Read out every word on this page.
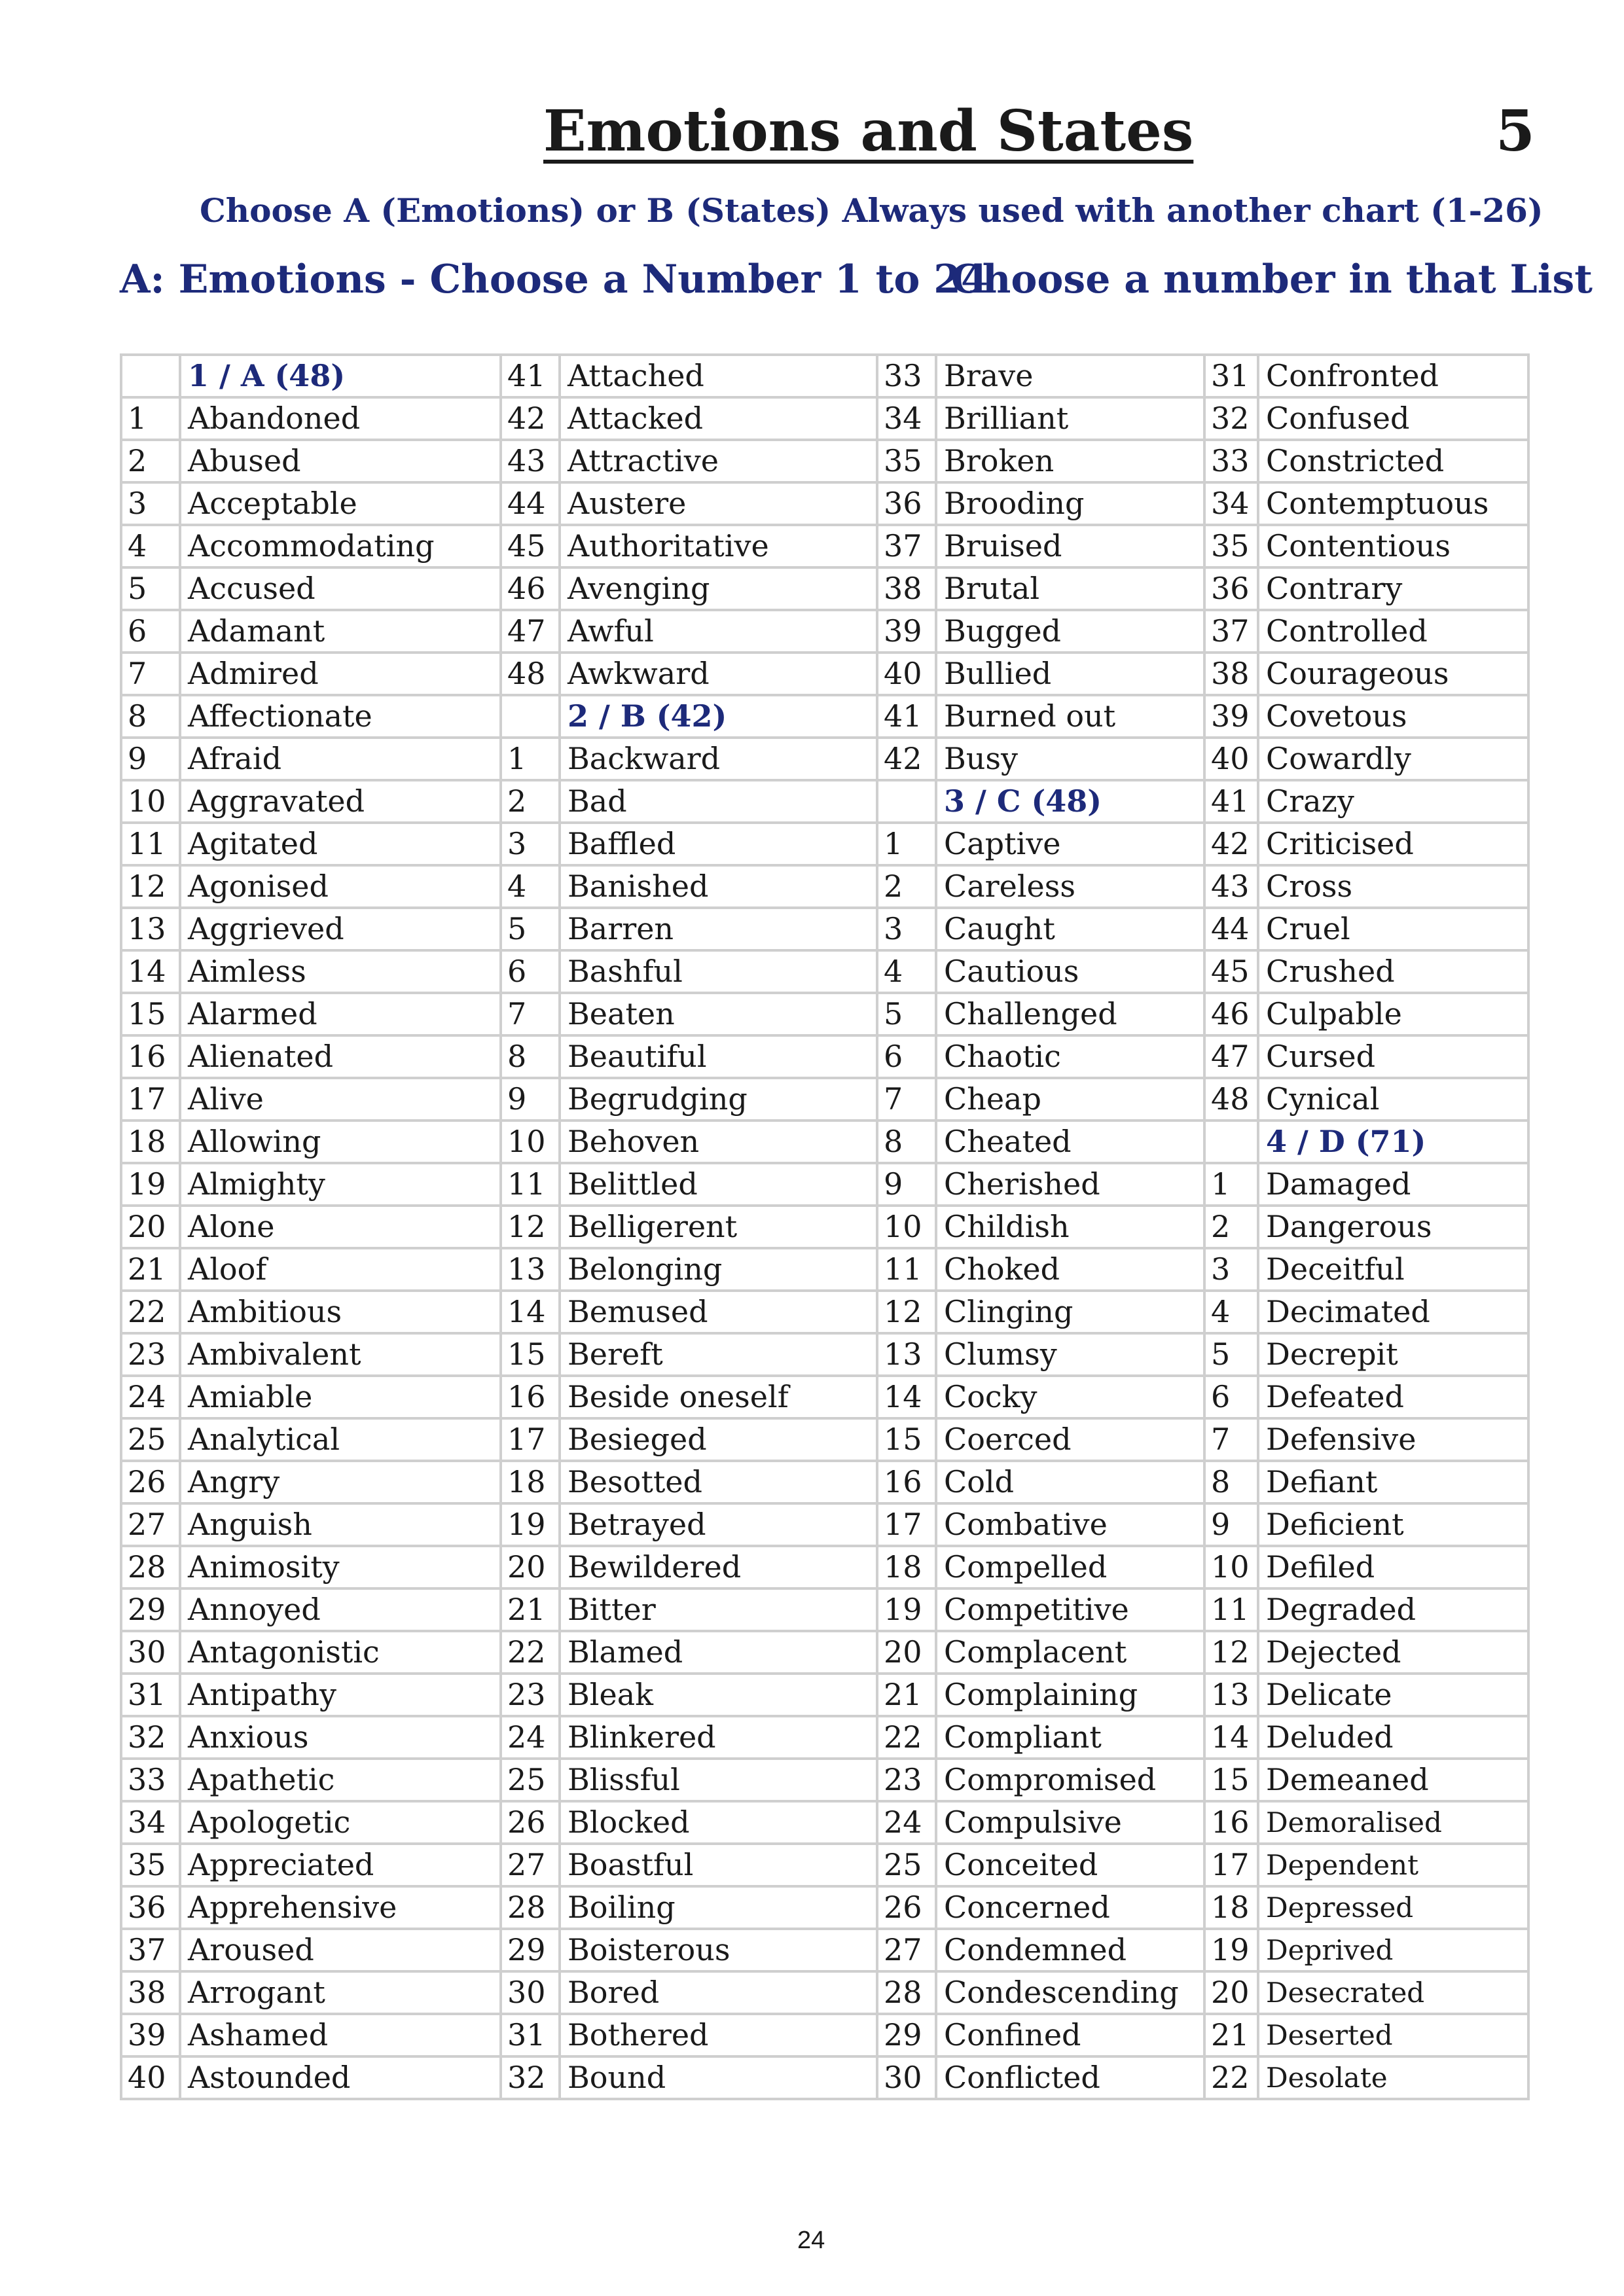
Emotions and States	5
Choose A (Emotions) or B (States) Always used with another chart (1-26)
A: Emotions - Choose a Number 1 to 24
Choose a number in that List
	1 / A (48)	41	Attached	33	Brave	31	Confronted
1	Abandoned	42	Attacked	34	Brilliant	32	Confused
2	Abused	43	Attractive	35	Broken	33	Constricted
3	Acceptable	44	Austere	36	Brooding	34	Contemptuous
4	Accommodating	45	Authoritative	37	Bruised	35	Contentious
5	Accused	46	Avenging	38	Brutal	36	Contrary
6	Adamant	47	Awful	39	Bugged	37	Controlled
7	Admired	48	Awkward	40	Bullied	38	Courageous
8	Affectionate		2 / B (42)	41	Burned out	39	Covetous
9	Afraid	1	Backward	42	Busy	40	Cowardly
10	Aggravated	2	Bad		3 / C (48)	41	Crazy
11	Agitated	3	Baffled	1	Captive	42	Criticised
12	Agonised	4	Banished	2	Careless	43	Cross
13	Aggrieved	5	Barren	3	Caught	44	Cruel
14	Aimless	6	Bashful	4	Cautious	45	Crushed
15	Alarmed	7	Beaten	5	Challenged	46	Culpable
16	Alienated	8	Beautiful	6	Chaotic	47	Cursed
17	Alive	9	Begrudging	7	Cheap	48	Cynical
18	Allowing	10	Behoven	8	Cheated		4 / D (71)
19	Almighty	11	Belittled	9	Cherished	1	Damaged
20	Alone	12	Belligerent	10	Childish	2	Dangerous
21	Aloof	13	Belonging	11	Choked	3	Deceitful
22	Ambitious	14	Bemused	12	Clinging	4	Decimated
23	Ambivalent	15	Bereft	13	Clumsy	5	Decrepit
24	Amiable	16	Beside oneself	14	Cocky	6	Defeated
25	Analytical	17	Besieged	15	Coerced	7	Defensive
26	Angry	18	Besotted	16	Cold	8	Defiant
27	Anguish	19	Betrayed	17	Combative	9	Deficient
28	Animosity	20	Bewildered	18	Compelled	10	Defiled
29	Annoyed	21	Bitter	19	Competitive	11	Degraded
30	Antagonistic	22	Blamed	20	Complacent	12	Dejected
31	Antipathy	23	Bleak	21	Complaining	13	Delicate
32	Anxious	24	Blinkered	22	Compliant	14	Deluded
33	Apathetic	25	Blissful	23	Compromised	15	Demeaned
34	Apologetic	26	Blocked	24	Compulsive	16	Demoralised
35	Appreciated	27	Boastful	25	Conceited	17	Dependent
36	Apprehensive	28	Boiling	26	Concerned	18	Depressed
37	Aroused	29	Boisterous	27	Condemned	19	Deprived
38	Arrogant	30	Bored	28	Condescending	20	Desecrated
39	Ashamed	31	Bothered	29	Confined	21	Deserted
40	Astounded	32	Bound	30	Conflicted	22	Desolate
24
